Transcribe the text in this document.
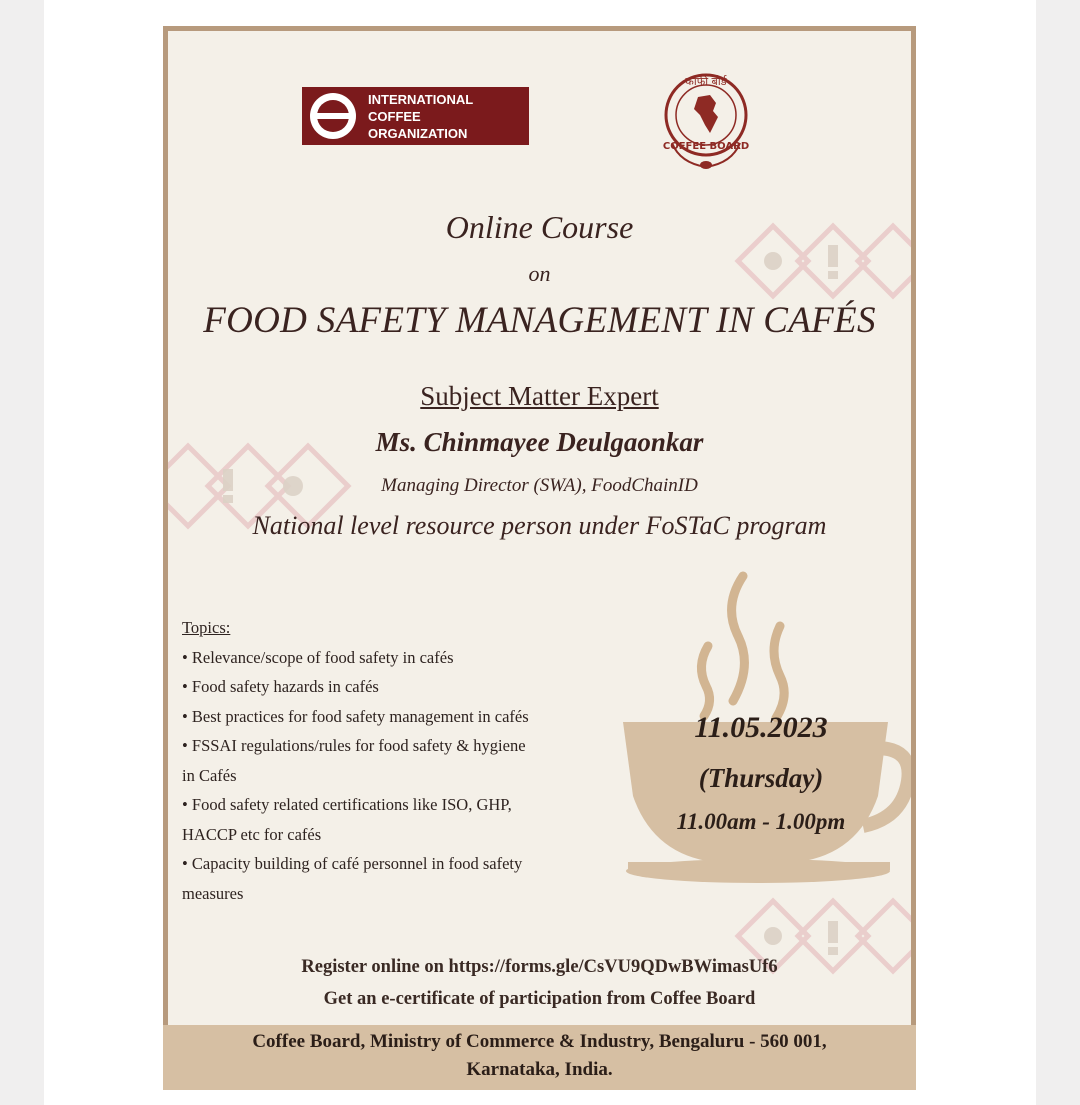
INTERNATIONAL
COFFEE
ORGANIZATION
कॉफी बोर्ड
COFFEE BOARD
Online Course
on
FOOD SAFETY MANAGEMENT IN CAFÉS
Subject Matter Expert
Ms. Chinmayee Deulgaonkar
Managing Director (SWA), FoodChainID
National level resource person under FoSTaC program
Topics:
• Relevance/scope of food safety in cafés
• Food safety hazards in cafés
• Best practices for food safety management in cafés
• FSSAI regulations/rules for food safety & hygiene
in Cafés
• Food safety related certifications like ISO, GHP,
HACCP etc for cafés
• Capacity building of café personnel in food safety
measures
11.05.2023
(Thursday)
11.00am - 1.00pm
Register online on https://forms.gle/CsVU9QDwBWimasUf6
Get an e-certificate of participation from Coffee Board
Coffee Board, Ministry of Commerce & Industry, Bengaluru - 560 001,
Karnataka, India.
